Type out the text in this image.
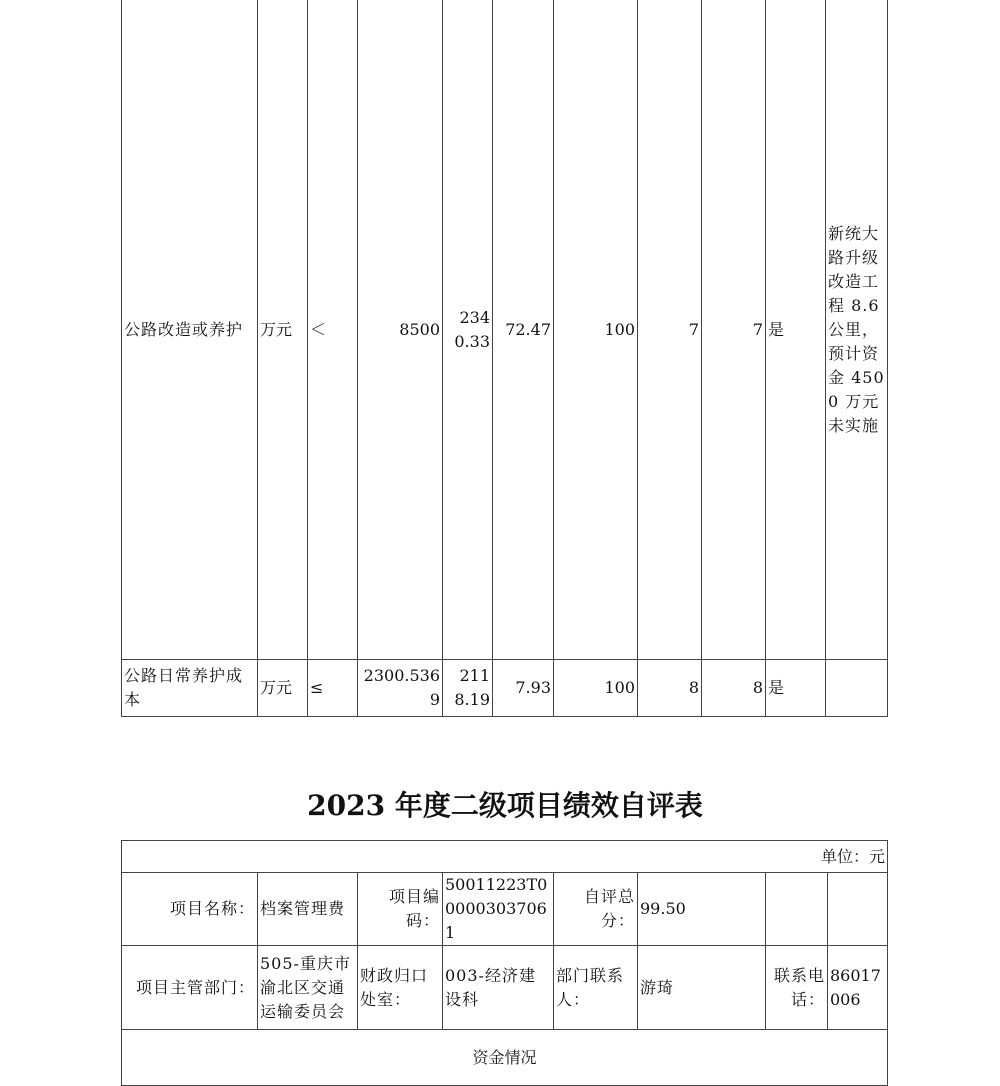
公路改造或养护	万元	＜	8500	2340.33	72.47	100	7	7	是	新统大路升级改造工程 8.6 公里，预计资金 4500 万元未实施
公路日常养护成本	万元	≤	2300.5369	2118.19	7.93	100	8	8	是	
2023 年度二级项目绩效自评表
单位：元							
项目名称：	档案管理费	项目编码：	50011223T000003037061	自评总分：	99.50		
项目主管部门：	505-重庆市渝北区交通运输委员会	财政归口处室：	003-经济建设科	部门联系人：	游琦	联系电话：	86017006
资金情况							
